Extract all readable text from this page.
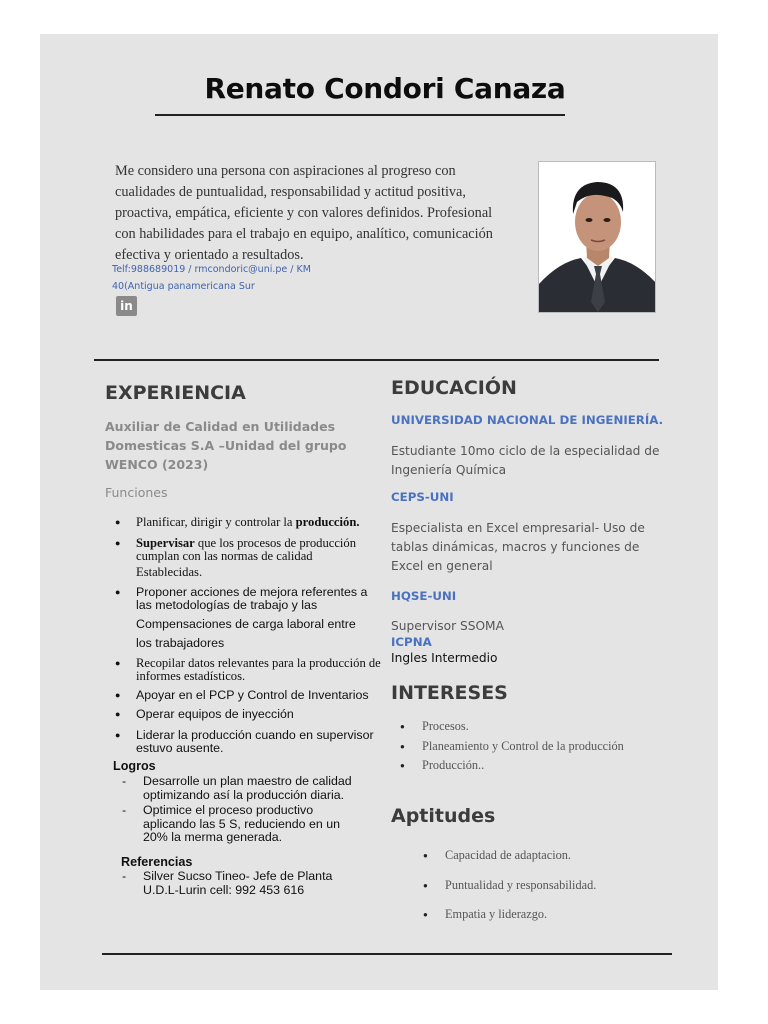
Renato Condori Canaza
Me considero una persona con aspiraciones al progreso con cualidades de puntualidad, responsabilidad y actitud positiva, proactiva, empática, eficiente y con valores definidos. Profesional con habilidades para el trabajo en equipo, analítico, comunicación efectiva y orientado a resultados.
Telf:988689019 / rmcondoric@uni.pe / KM
40(Antigua panamericana Sur
in
EXPERIENCIA
Auxiliar de Calidad en Utilidades Domesticas S.A –Unidad del grupo WENCO (2023)
Funciones
● Planificar, dirigir y controlar la producción.
● Supervisar que los procesos de producción cumplan con las normas de calidad
Establecidas.
● Proponer acciones de mejora referentes a las metodologías de trabajo y las
Compensaciones de carga laboral entre
los trabajadores
● Recopilar datos relevantes para la producción de informes estadísticos.
● Apoyar en el PCP y Control de Inventarios
● Operar equipos de inyección
● Liderar la producción cuando en supervisor estuvo ausente.
Logros
- Desarrolle un plan maestro de calidad optimizando así la producción diaria.
- Optimice el proceso productivo aplicando las 5 S, reduciendo en un 20% la merma generada.
Referencias
- Silver Sucso Tineo- Jefe de Planta U.D.L-Lurin cell: 992 453 616
EDUCACIÓN
UNIVERSIDAD NACIONAL DE INGENIERÍA.
Estudiante 10mo ciclo de la especialidad de Ingeniería Química
CEPS-UNI
Especialista en Excel empresarial- Uso de tablas dinámicas, macros y funciones de Excel en general
HQSE-UNI
Supervisor SSOMA
ICPNA
Ingles Intermedio
INTERESES
● Procesos.
● Planeamiento y Control de la producción
● Producción..
Aptitudes
● Capacidad de adaptacion.
● Puntualidad y responsabilidad.
● Empatia y liderazgo.
